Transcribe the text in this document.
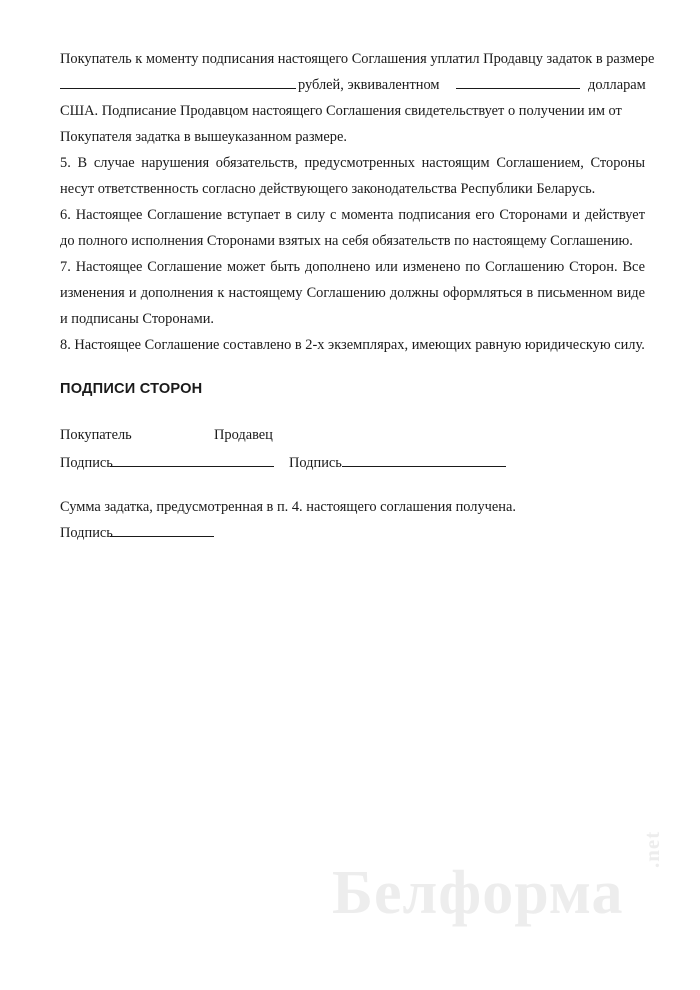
Покупатель к моменту подписания настоящего Соглашения уплатил Продавцу задаток в размере
рублей, эквивалентном	долларам
США. Подписание Продавцом настоящего Соглашения свидетельствует о получении им от
Покупателя задатка в вышеуказанном размере.
5. В случае нарушения обязательств, предусмотренных настоящим Соглашением, Стороны несут ответственность согласно действующего законодательства Республики Беларусь.
6. Настоящее Соглашение вступает в силу с момента подписания его Сторонами и действует до полного исполнения Сторонами взятых на себя обязательств по настоящему Соглашению.
7. Настоящее Соглашение может быть дополнено или изменено по Соглашению Сторон. Все изменения и дополнения к настоящему Соглашению должны оформляться в письменном виде и подписаны Сторонами.
8. Настоящее Соглашение составлено в 2-х экземплярах, имеющих равную юридическую силу.
ПОДПИСИ СТОРОН
Покупатель	Продавец
Подпись	Подпись
Сумма задатка, предусмотренная в п. 4. настоящего соглашения получена.
Подпись
Белформа
.net
